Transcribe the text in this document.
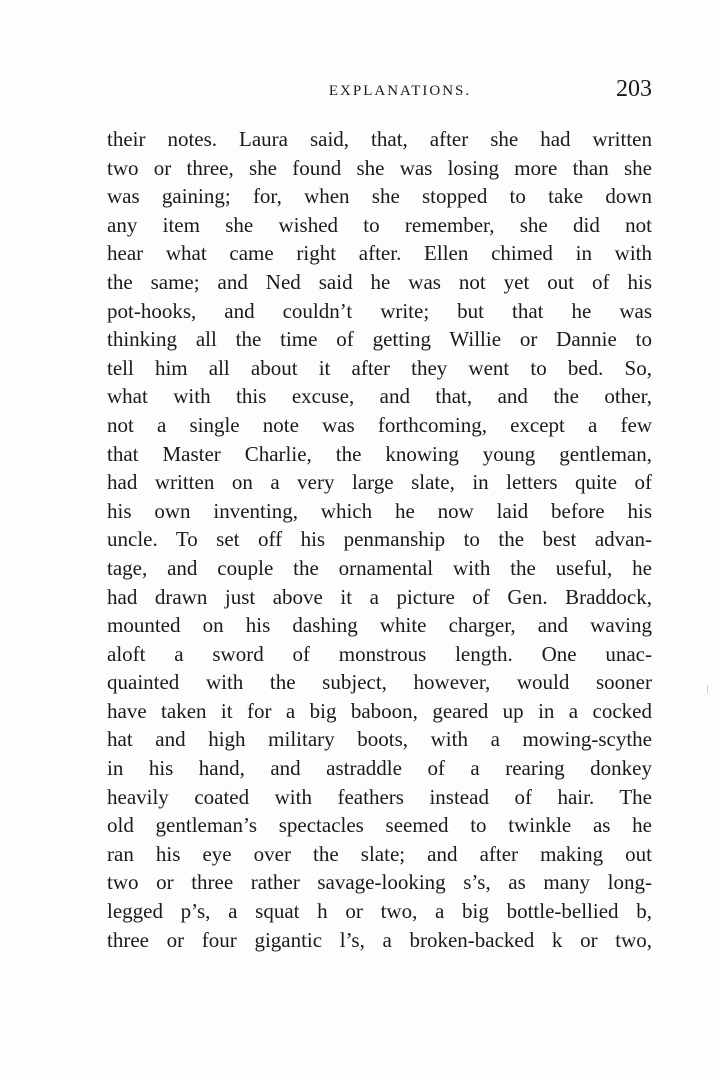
EXPLANATIONS.	203
their notes. Laura said, that, after she had written
two or three, she found she was losing more than she
was gaining; for, when she stopped to take down
any item she wished to remember, she did not
hear what came right after. Ellen chimed in with
the same; and Ned said he was not yet out of his
pot-hooks, and couldn’t write; but that he was
thinking all the time of getting Willie or Dannie to
tell him all about it after they went to bed. So,
what with this excuse, and that, and the other,
not a single note was forthcoming, except a few
that Master Charlie, the knowing young gentleman,
had written on a very large slate, in letters quite of
his own inventing, which he now laid before his
uncle. To set off his penmanship to the best advan-
tage, and couple the ornamental with the useful, he
had drawn just above it a picture of Gen. Braddock,
mounted on his dashing white charger, and waving
aloft a sword of monstrous length. One unac-
quainted with the subject, however, would sooner
have taken it for a big baboon, geared up in a cocked
hat and high military boots, with a mowing-scythe
in his hand, and astraddle of a rearing donkey
heavily coated with feathers instead of hair. The
old gentleman’s spectacles seemed to twinkle as he
ran his eye over the slate; and after making out
two or three rather savage-looking s’s, as many long-
legged p’s, a squat h or two, a big bottle-bellied b,
three or four gigantic l’s, a broken-backed k or two,
